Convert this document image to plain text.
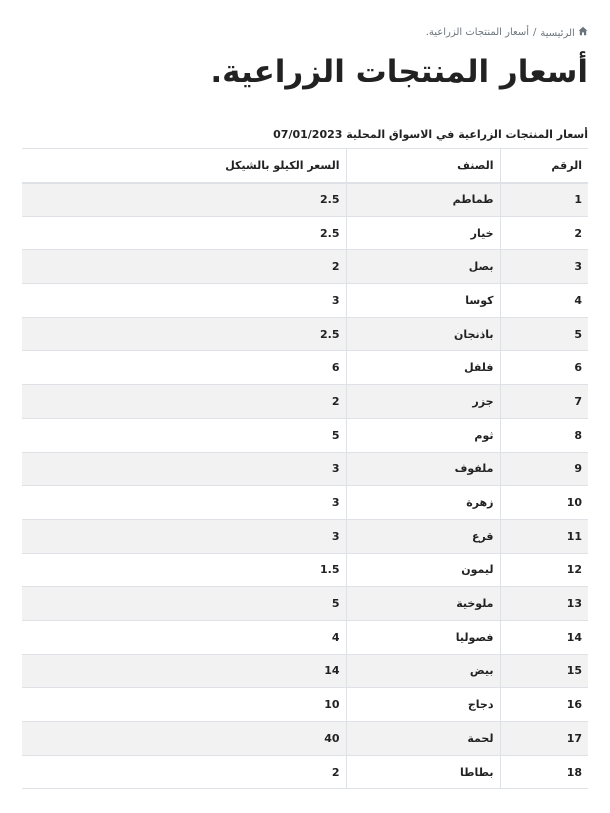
الرئيسية
/
أسعار المنتجات الزراعية.
أسعار المنتجات الزراعية.
أسعار المنتجات الزراعية في الاسواق المحلية 07/01/2023
الرقم	الصنف	السعر الكيلو بالشيكل
1	طماطم	2.5
2	خيار	2.5
3	بصل	2
4	كوسا	3
5	باذنجان	2.5
6	فلفل	6
7	جزر	2
8	ثوم	5
9	ملفوف	3
10	زهرة	3
11	قرع	3
12	ليمون	1.5
13	ملوخية	5
14	فصوليا	4
15	بيض	14
16	دجاج	10
17	لحمة	40
18	بطاطا	2
